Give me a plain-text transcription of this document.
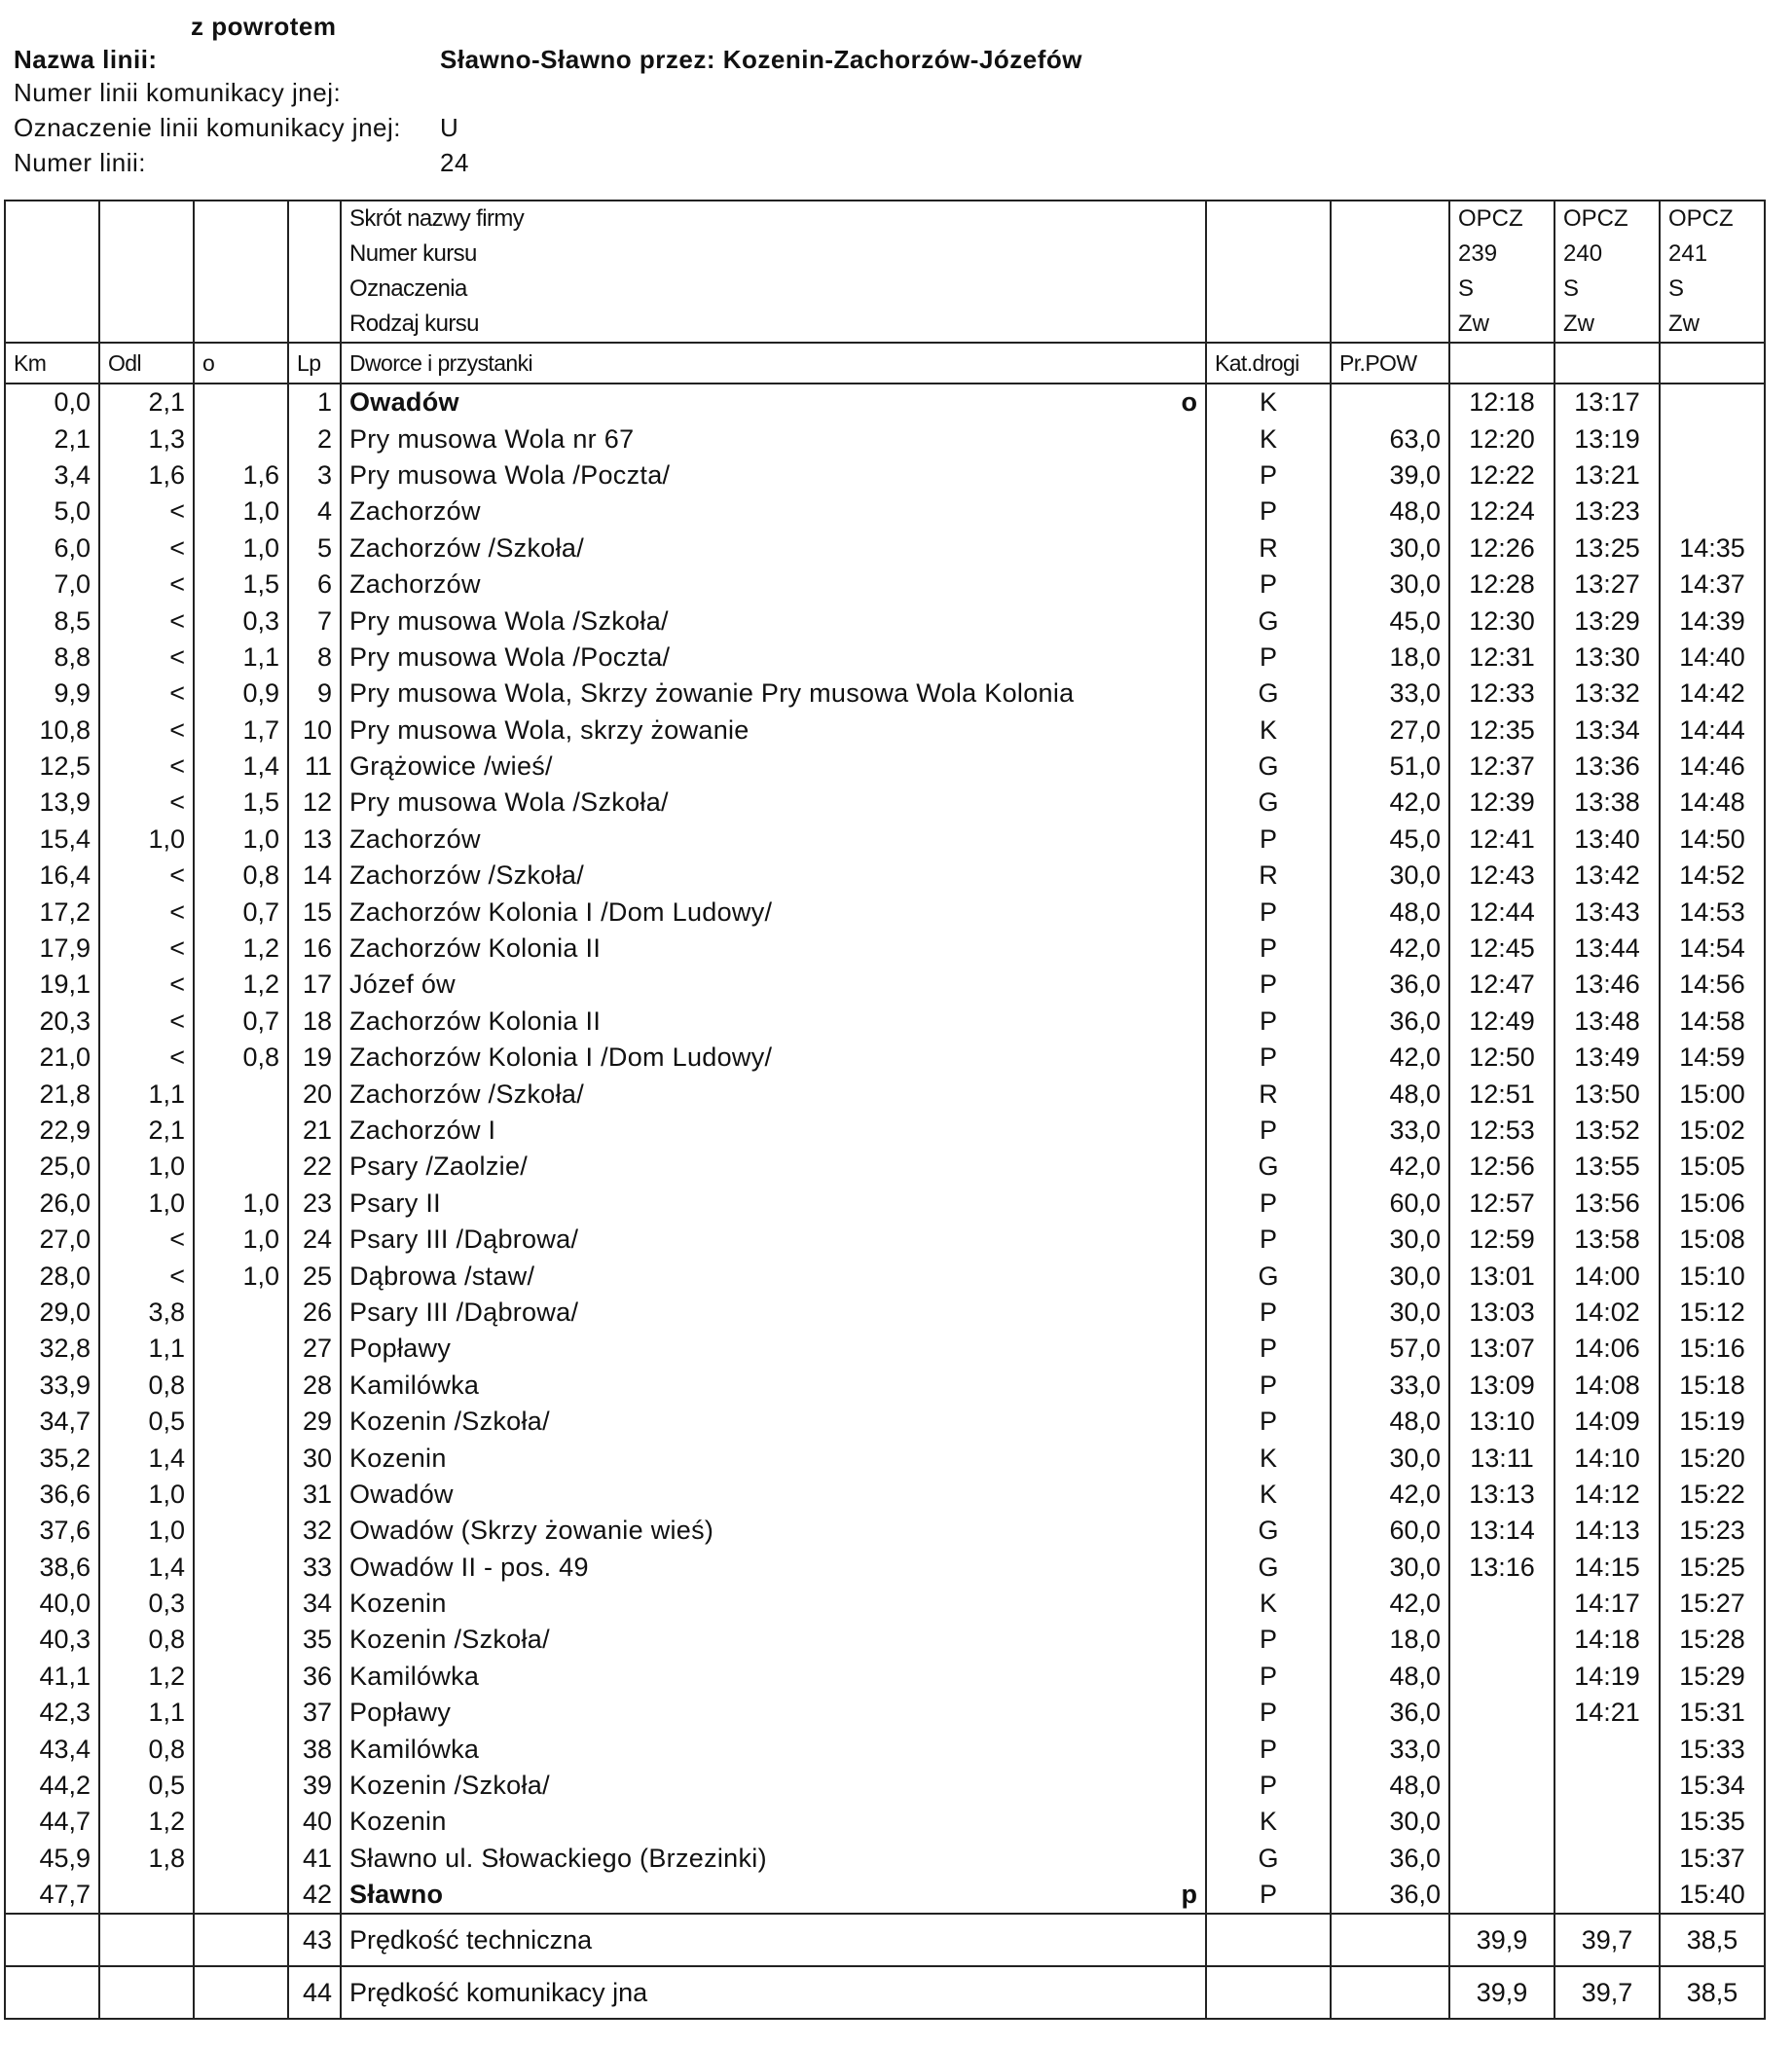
z powrotem
Nazwa linii:	Sławno-Sławno przez: Kozenin-Zachorzów-Józefów
Numer linii komunikacy jnej:
Oznaczenie linii komunikacy jnej: U
Numer linii:	24
				Skrót nazwy firmy			OPCZ	OPCZ	OPCZ
				Numer kursu			239	240	241
				Oznaczenia			S	S	S
				Rodzaj kursu			Zw	Zw	Zw
Km	Odl	o	Lp	Dworce i przystanki	Kat.drogi	Pr.POW			
0,0	2,1		1	Owadów o	K		12:18	13:17	
2,1	1,3		2	Pry musowa Wola nr 67	K	63,0	12:20	13:19	
3,4	1,6	1,6	3	Pry musowa Wola /Poczta/	P	39,0	12:22	13:21	
5,0	<	1,0	4	Zachorzów	P	48,0	12:24	13:23	
6,0	<	1,0	5	Zachorzów /Szkoła/	R	30,0	12:26	13:25	14:35
7,0	<	1,5	6	Zachorzów	P	30,0	12:28	13:27	14:37
8,5	<	0,3	7	Pry musowa Wola /Szkoła/	G	45,0	12:30	13:29	14:39
8,8	<	1,1	8	Pry musowa Wola /Poczta/	P	18,0	12:31	13:30	14:40
9,9	<	0,9	9	Pry musowa Wola, Skrzy żowanie Pry musowa Wola Kolonia	G	33,0	12:33	13:32	14:42
10,8	<	1,7	10	Pry musowa Wola, skrzy żowanie	K	27,0	12:35	13:34	14:44
12,5	<	1,4	11	Grążowice /wieś/	G	51,0	12:37	13:36	14:46
13,9	<	1,5	12	Pry musowa Wola /Szkoła/	G	42,0	12:39	13:38	14:48
15,4	1,0	1,0	13	Zachorzów	P	45,0	12:41	13:40	14:50
16,4	<	0,8	14	Zachorzów /Szkoła/	R	30,0	12:43	13:42	14:52
17,2	<	0,7	15	Zachorzów Kolonia I /Dom Ludowy/	P	48,0	12:44	13:43	14:53
17,9	<	1,2	16	Zachorzów Kolonia II	P	42,0	12:45	13:44	14:54
19,1	<	1,2	17	Józef ów	P	36,0	12:47	13:46	14:56
20,3	<	0,7	18	Zachorzów Kolonia II	P	36,0	12:49	13:48	14:58
21,0	<	0,8	19	Zachorzów Kolonia I /Dom Ludowy/	P	42,0	12:50	13:49	14:59
21,8	1,1		20	Zachorzów /Szkoła/	R	48,0	12:51	13:50	15:00
22,9	2,1		21	Zachorzów I	P	33,0	12:53	13:52	15:02
25,0	1,0		22	Psary /Zaolzie/	G	42,0	12:56	13:55	15:05
26,0	1,0	1,0	23	Psary II	P	60,0	12:57	13:56	15:06
27,0	<	1,0	24	Psary III /Dąbrowa/	P	30,0	12:59	13:58	15:08
28,0	<	1,0	25	Dąbrowa /staw/	G	30,0	13:01	14:00	15:10
29,0	3,8		26	Psary III /Dąbrowa/	P	30,0	13:03	14:02	15:12
32,8	1,1		27	Popławy	P	57,0	13:07	14:06	15:16
33,9	0,8		28	Kamilówka	P	33,0	13:09	14:08	15:18
34,7	0,5		29	Kozenin /Szkoła/	P	48,0	13:10	14:09	15:19
35,2	1,4		30	Kozenin	K	30,0	13:11	14:10	15:20
36,6	1,0		31	Owadów	K	42,0	13:13	14:12	15:22
37,6	1,0		32	Owadów (Skrzy żowanie wieś)	G	60,0	13:14	14:13	15:23
38,6	1,4		33	Owadów II - pos. 49	G	30,0	13:16	14:15	15:25
40,0	0,3		34	Kozenin	K	42,0		14:17	15:27
40,3	0,8		35	Kozenin /Szkoła/	P	18,0		14:18	15:28
41,1	1,2		36	Kamilówka	P	48,0		14:19	15:29
42,3	1,1		37	Popławy	P	36,0		14:21	15:31
43,4	0,8		38	Kamilówka	P	33,0			15:33
44,2	0,5		39	Kozenin /Szkoła/	P	48,0			15:34
44,7	1,2		40	Kozenin	K	30,0			15:35
45,9	1,8		41	Sławno ul. Słowackiego (Brzezinki)	G	36,0			15:37
47,7			42	Sławno p	P	36,0			15:40
			43	Prędkość techniczna			39,9	39,7	38,5
			44	Prędkość komunikacy jna			39,9	39,7	38,5
